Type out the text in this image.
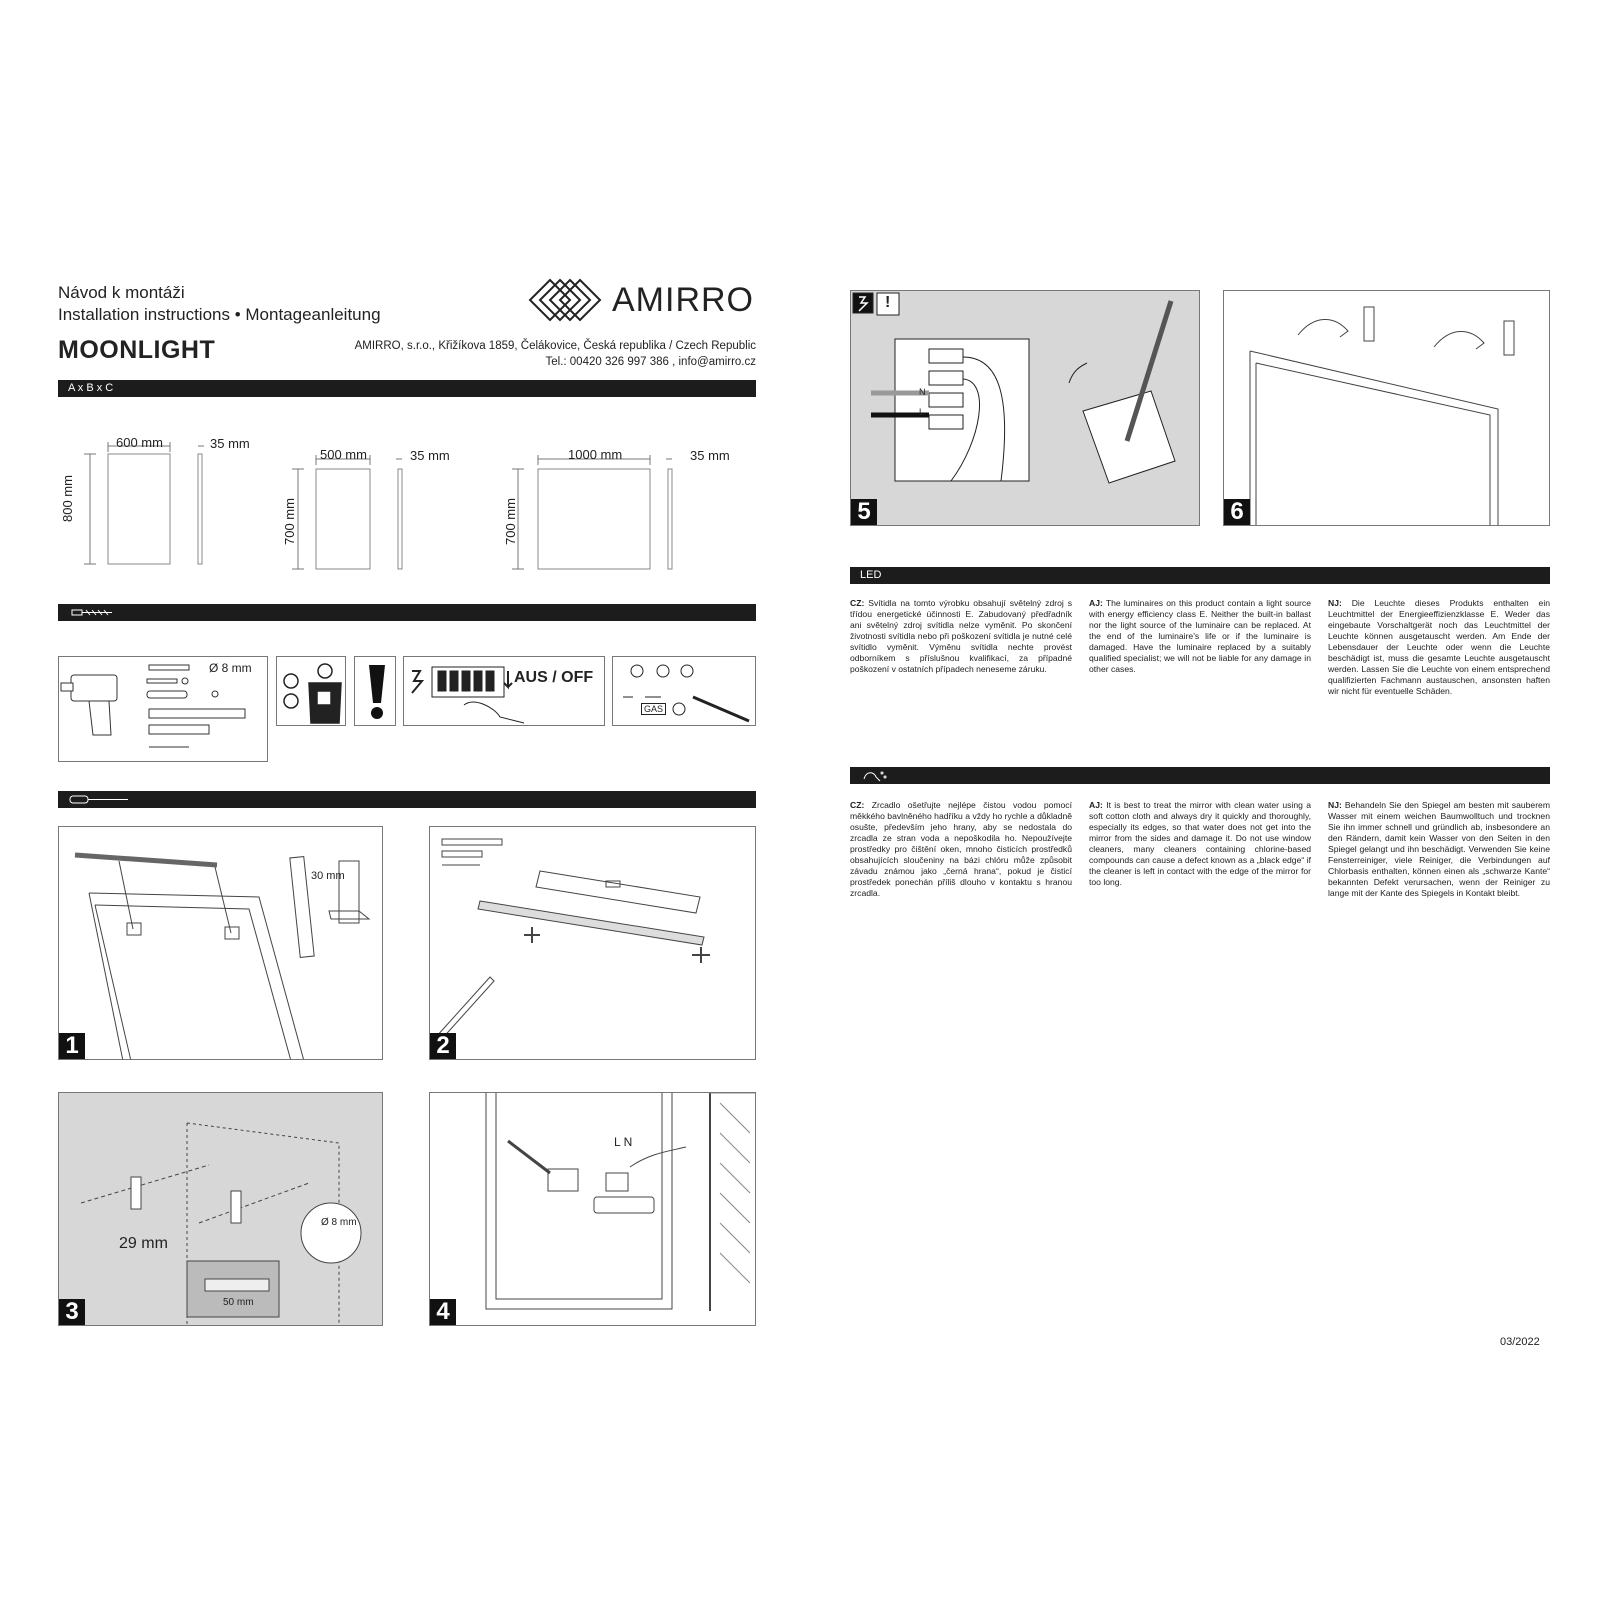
Návod k montáži
Installation instructions • Montageanleitung
MOONLIGHT
AMIRRO
AMIRRO, s.r.o., Křižíkova 1859, Čelákovice, Česká republika / Czech Republic
Tel.: 00420 326 997 386 , info@amirro.cz
A x B x C
600 mm	35 mm
800 mm
500 mm	35 mm
700 mm
1000 mm	35 mm
700 mm
Ø 8 mm
AUS / OFF
GAS
30 mm
1	2
29 mm
Ø 8 mm
50 mm
3
L N
4
!
L
N
5	6
LED
CZ: Svítidla na tomto výrobku obsahují světelný zdroj s třídou energetické účinnosti E. Zabudovaný předřadník ani světelný zdroj svítidla nelze vyměnit. Po skončení životnosti svítidla nebo při poškození svítidla je nutné celé svítidlo vyměnit. Výměnu svítidla nechte provést odborníkem s příslušnou kvalifikací, za případné poškození v ostatních případech neneseme záruku.
AJ: The luminaires on this product contain a light source with energy efficiency class E. Neither the built-in ballast nor the light source of the luminaire can be replaced. At the end of the luminaire's life or if the luminaire is damaged. Have the luminaire replaced by a suitably qualified specialist; we will not be liable for any damage in other cases.
NJ: Die Leuchte dieses Produkts enthalten ein Leuchtmittel der Energieeffizienzklasse E. Weder das eingebaute Vorschaltgerät noch das Leuchtmittel der Leuchte können ausgetauscht werden. Am Ende der Lebensdauer der Leuchte oder wenn die Leuchte beschädigt ist, muss die gesamte Leuchte ausgetauscht werden. Lassen Sie die Leuchte von einem entsprechend qualifizierten Fachmann austauschen, ansonsten haften wir nicht für eventuelle Schäden.
CZ: Zrcadlo ošetřujte nejlépe čistou vodou pomocí měkkého bavlněného hadříku a vždy ho rychle a důkladně osušte, především jeho hrany, aby se nedostala do zrcadla ze stran voda a nepoškodila ho. Nepoužívejte prostředky pro čištění oken, mnoho čisticích prostředků obsahujících sloučeniny na bázi chlóru může způsobit závadu známou jako „černá hrana“, pokud je čisticí prostředek ponechán příliš dlouho v kontaktu s hranou zrcadla.
AJ: It is best to treat the mirror with clean water using a soft cotton cloth and always dry it quickly and thoroughly, especially its edges, so that water does not get into the mirror from the sides and damage it. Do not use window cleaners, many cleaners containing chlorine-based compounds can cause a defect known as a „black edge“ if the cleaner is left in contact with the edge of the mirror for too long.
NJ: Behandeln Sie den Spiegel am besten mit sauberem Wasser mit einem weichen Baumwolltuch und trocknen Sie ihn immer schnell und gründlich ab, insbesondere an den Rändern, damit kein Wasser von den Seiten in den Spiegel gelangt und ihn beschädigt. Verwenden Sie keine Fensterreiniger, viele Reiniger, die Verbindungen auf Chlorbasis enthalten, können einen als „schwarze Kante“ bekannten Defekt verursachen, wenn der Reiniger zu lange mit der Kante des Spiegels in Kontakt bleibt.
03/2022
